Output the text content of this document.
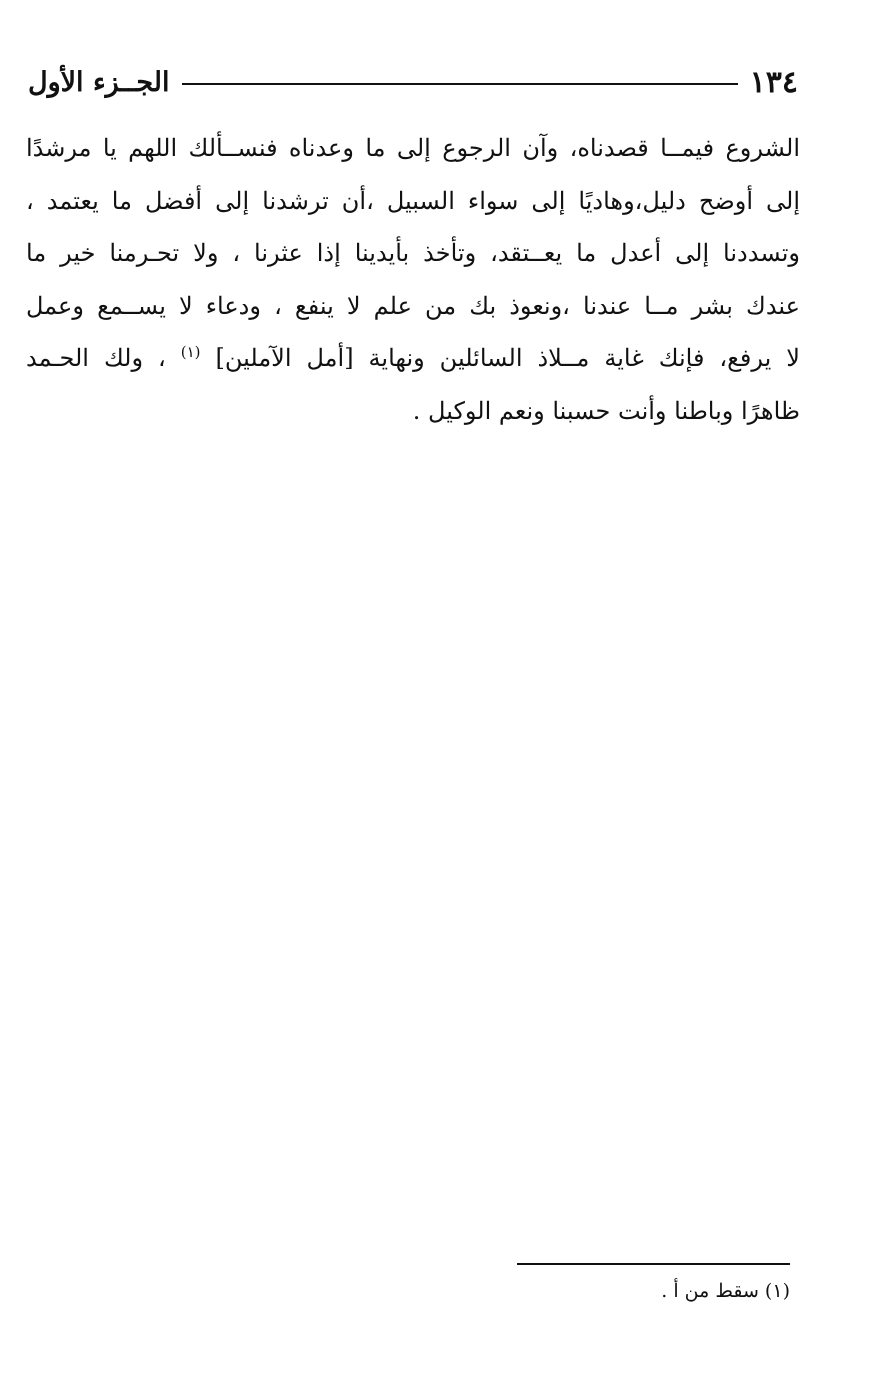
١٣٤
الجــزء الأول
الشروع فيمــا قصدناه، وآن الرجوع إلى ما وعدناه فنســألك اللهم يا مرشدًا
إلى أوضح دليل،وهاديًا إلى سواء السبيل ،أن ترشدنا إلى أفضل ما يعتمد ،
وتسددنا إلى أعدل ما يعــتقد، وتأخذ بأيدينا إذا عثرنا ، ولا تحـرمنا خير ما
عندك بشر مــا عندنا ،ونعوذ بك من علم لا ينفع ، ودعاء لا يســمع وعمل
لا يرفع، فإنك غاية مــلاذ السائلين ونهاية [أمل الآملين] $^{(١)}$ ، ولك الحـمد
ظاهرًا وباطنا وأنت حسبنا ونعم الوكيل .
(١) سقط من أ .
